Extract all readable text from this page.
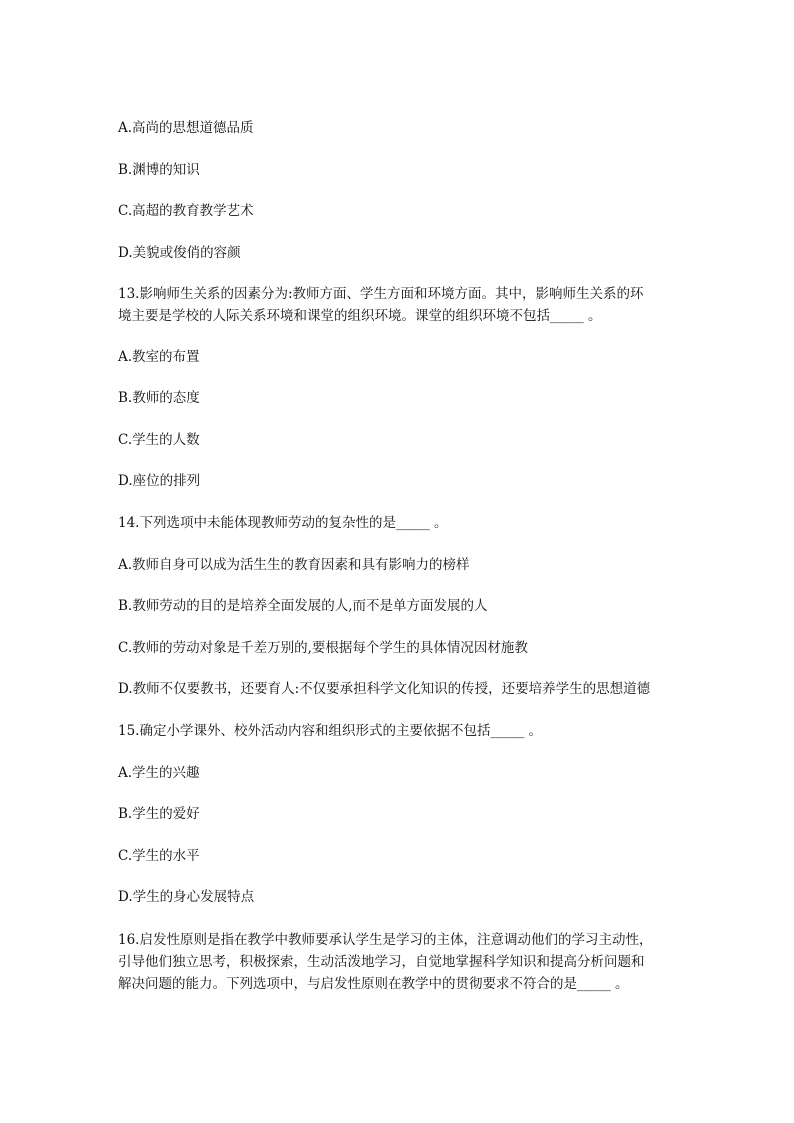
A.高尚的思想道德品质

B.渊博的知识

C.高超的教育教学艺术

D.美貌或俊俏的容颜

13.影响师生关系的因素分为:教师方面、学生方面和环境方面。其中，影响师生关系的环
境主要是学校的人际关系环境和课堂的组织环境。课堂的组织环境不包括_____ 。

A.教室的布置

B.教师的态度

C.学生的人数

D.座位的排列

14.下列选项中未能体现教师劳动的复杂性的是_____ 。

A.教师自身可以成为活生生的教育因素和具有影响力的榜样

B.教师劳动的目的是培养全面发展的人,而不是单方面发展的人

C.教师的劳动对象是千差万别的,要根据每个学生的具体情况因材施教

D.教师不仅要教书，还要育人:不仅要承担科学文化知识的传授，还要培养学生的思想道德

15.确定小学课外、校外活动内容和组织形式的主要依据不包括_____ 。

A.学生的兴趣

B.学生的爱好

C.学生的水平

D.学生的身心发展特点

16.启发性原则是指在教学中教师要承认学生是学习的主体，注意调动他们的学习主动性，
引导他们独立思考，积极探索，生动活泼地学习，自觉地掌握科学知识和提高分析问题和
解决问题的能力。下列选项中，与启发性原则在教学中的贯彻要求不符合的是_____ 。
